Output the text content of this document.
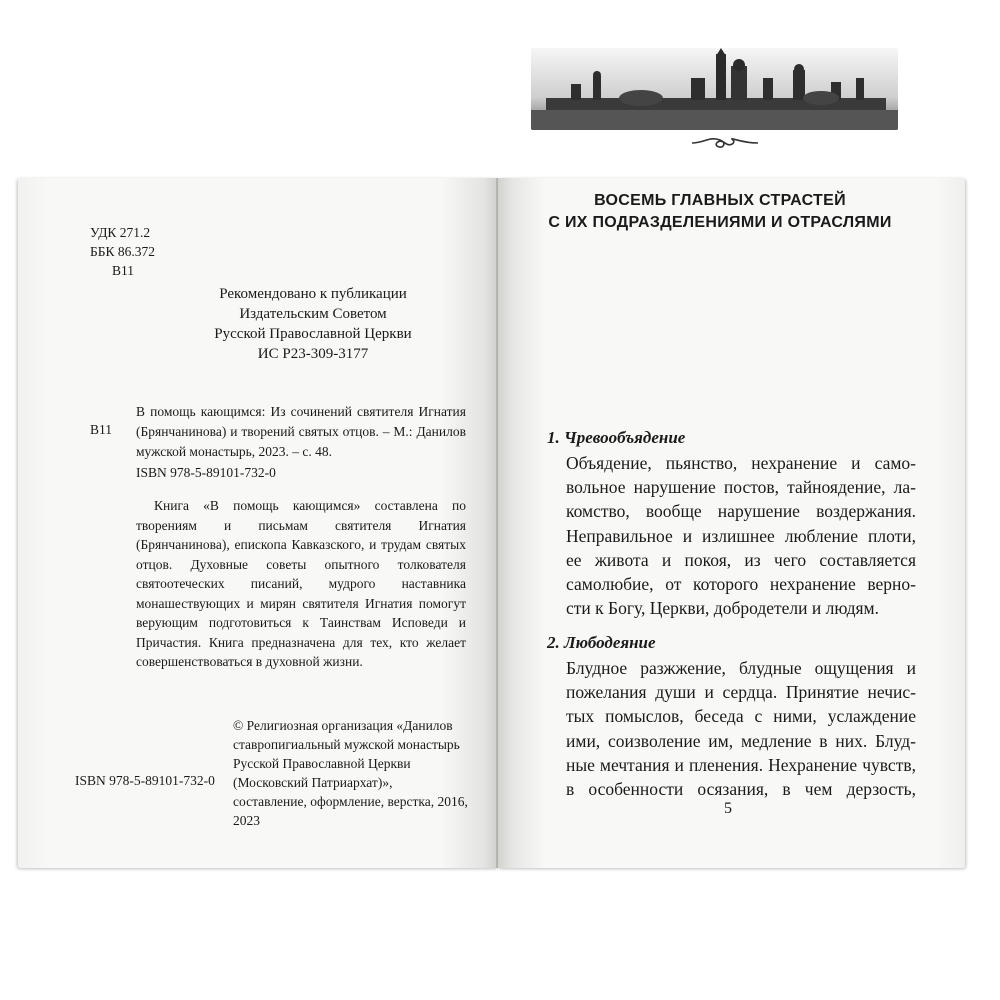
УДК 271.2
ББК 86.372
В11
Рекомендовано к публикации
Издательским Советом
Русской Православной Церкви
ИС Р23-309-3177
В11
В помощь кающимся: Из сочинений святителя Игнатия (Брянчанинова) и творений святых отцов. – М.: Данилов мужской монастырь, 2023. – с. 48.
ISBN 978-5-89101-732-0
Книга «В помощь кающимся» составлена по творениям и письмам святителя Игнатия (Брянчанинова), епископа Кавказского, и трудам святых отцов. Духовные советы опытного толкователя святоотеческих писаний, мудрого наставника монашествующих и мирян святителя Игнатия помогут верующим подготовиться к Таинствам Исповеди и Причастия. Книга предназначена для тех, кто желает совершенствоваться в духовной жизни.
© Религиозная организация «Данилов ставропигиальный мужской монастырь Русской Православной Церкви (Московский Патриархат)», составление, оформление, верстка, 2016, 2023
ISBN 978-5-89101-732-0
ВОСЕМЬ ГЛАВНЫХ СТРАСТЕЙ
С ИХ ПОДРАЗДЕЛЕНИЯМИ И ОТРАСЛЯМИ
1. Чревообъядение
Объядение, пьянство, нехранение и само-
вольное нарушение постов, тайноядение, ла-
комство, вообще нарушение воздержания.
Неправильное и излишнее любление плоти,
ее живота и покоя, из чего составляется
самолюбие, от которого нехранение верно-
сти к Богу, Церкви, добродетели и людям.
2. Любодеяние
Блудное разжжение, блудные ощущения и
пожелания души и сердца. Принятие нечис-
тых помыслов, беседа с ними, услаждение
ими, соизволение им, медление в них. Блуд-
ные мечтания и пленения. Нехранение чувств,
в особенности осязания, в чем дерзость,
5
